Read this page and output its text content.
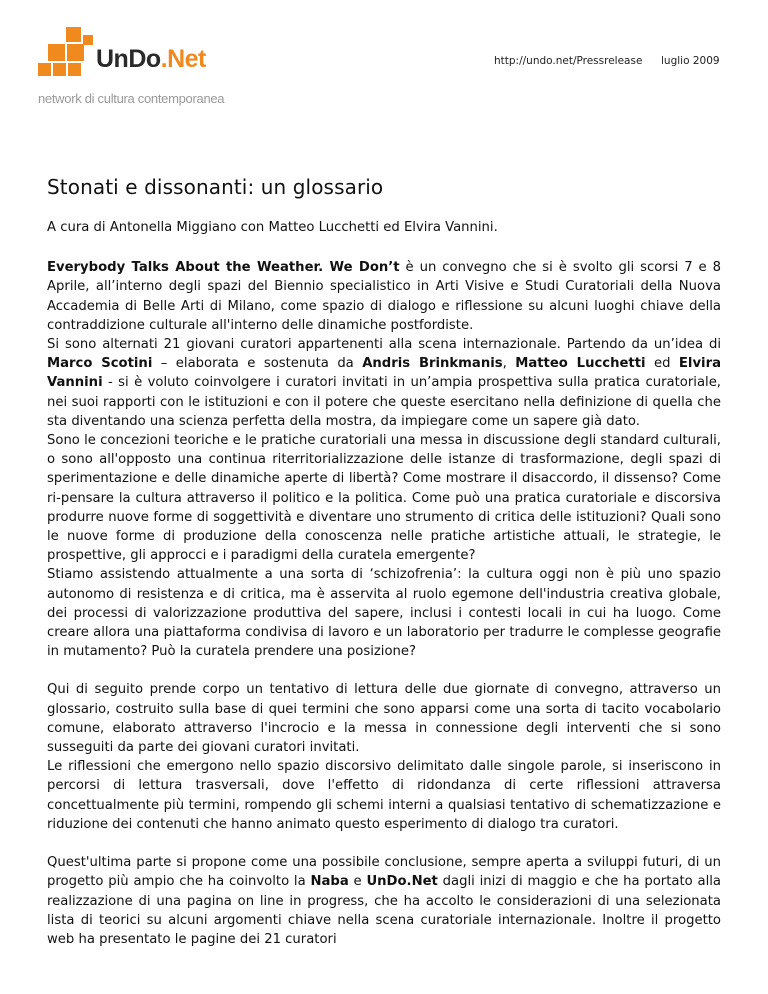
UnDo.Net
network di cultura contemporanea
http://undo.net/Pressrelease luglio 2009
Stonati e dissonanti: un glossario

A cura di Antonella Miggiano con Matteo Lucchetti ed Elvira Vannini.

Everybody Talks About the Weather. We Don’t è un convegno che si è svolto gli scorsi 7 e 8 Aprile, all’interno degli spazi del Biennio specialistico in Arti Visive e Studi Curatoriali della Nuova Accademia di Belle Arti di Milano, come spazio di dialogo e riflessione su alcuni luoghi chiave della contraddizione culturale all'interno delle dinamiche postfordiste.

Si sono alternati 21 giovani curatori appartenenti alla scena internazionale. Partendo da un’idea di Marco Scotini – elaborata e sostenuta da Andris Brinkmanis, Matteo Lucchetti ed Elvira Vannini - si è voluto coinvolgere i curatori invitati in un’ampia prospettiva sulla pratica curatoriale, nei suoi rapporti con le istituzioni e con il potere che queste esercitano nella definizione di quella che sta diventando una scienza perfetta della mostra, da impiegare come un sapere già dato.

Sono le concezioni teoriche e le pratiche curatoriali una messa in discussione degli standard culturali, o sono all'opposto una continua riterritorializzazione delle istanze di trasformazione, degli spazi di sperimentazione e delle dinamiche aperte di libertà? Come mostrare il disaccordo, il dissenso? Come ri-pensare la cultura attraverso il politico e la politica. Come può una pratica curatoriale e discorsiva produrre nuove forme di soggettività e diventare uno strumento di critica delle istituzioni? Quali sono le nuove forme di produzione della conoscenza nelle pratiche artistiche attuali, le strategie, le prospettive, gli approcci e i paradigmi della curatela emergente?

Stiamo assistendo attualmente a una sorta di ‘schizofrenia’: la cultura oggi non è più uno spazio autonomo di resistenza e di critica, ma è asservita al ruolo egemone dell'industria creativa globale, dei processi di valorizzazione produttiva del sapere, inclusi i contesti locali in cui ha luogo. Come creare allora una piattaforma condivisa di lavoro e un laboratorio per tradurre le complesse geografie in mutamento? Può la curatela prendere una posizione?

Qui di seguito prende corpo un tentativo di lettura delle due giornate di convegno, attraverso un glossario, costruito sulla base di quei termini che sono apparsi come una sorta di tacito vocabolario comune, elaborato attraverso l'incrocio e la messa in connessione degli interventi che si sono susseguiti da parte dei giovani curatori invitati.

Le riflessioni che emergono nello spazio discorsivo delimitato dalle singole parole, si inseriscono in percorsi di lettura trasversali, dove l'effetto di ridondanza di certe riflessioni attraversa concettualmente più termini, rompendo gli schemi interni a qualsiasi tentativo di schematizzazione e riduzione dei contenuti che hanno animato questo esperimento di dialogo tra curatori.

Quest'ultima parte si propone come una possibile conclusione, sempre aperta a sviluppi futuri, di un progetto più ampio che ha coinvolto la Naba e UnDo.Net dagli inizi di maggio e che ha portato alla realizzazione di una pagina on line in progress, che ha accolto le considerazioni di una selezionata lista di teorici su alcuni argomenti chiave nella scena curatoriale internazionale. Inoltre il progetto web ha presentato le pagine dei 21 curatori
